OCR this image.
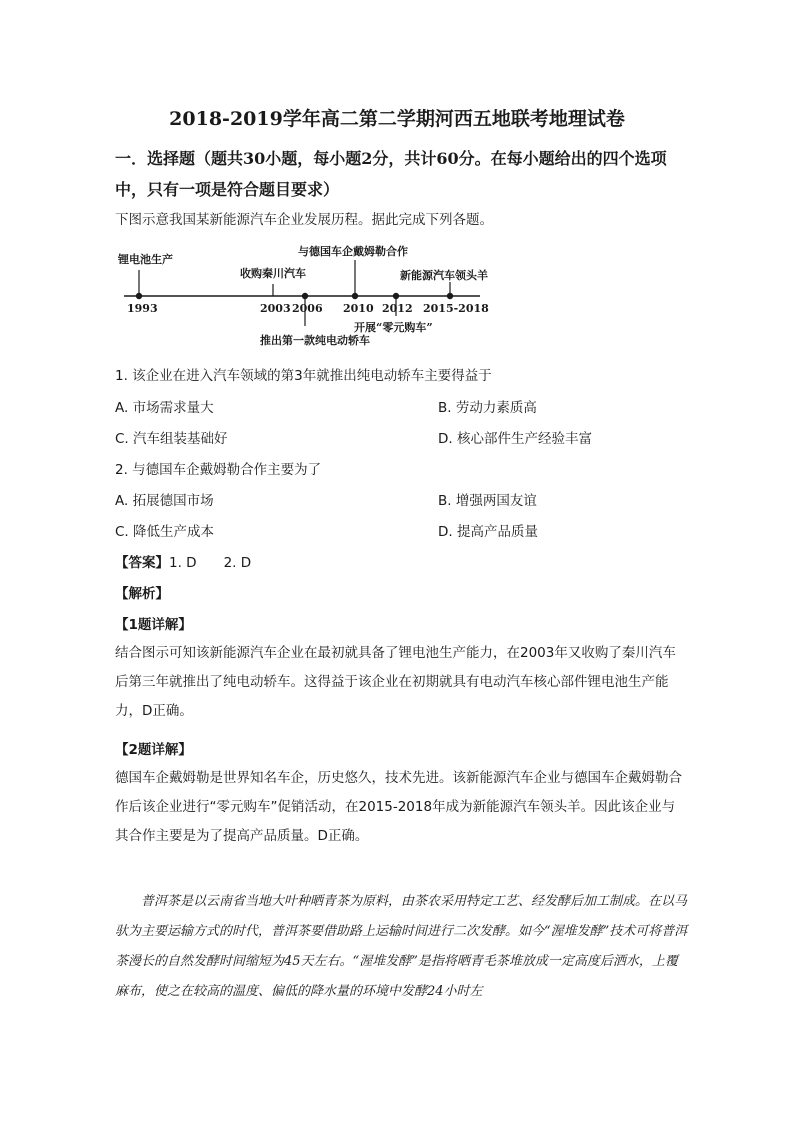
2018-2019学年高二第二学期河西五地联考地理试卷
一．选择题（题共30小题，每小题2分，共计60分。在每小题给出的四个选项
中，只有一项是符合题目要求）
下图示意我国某新能源汽车企业发展历程。据此完成下列各题。
锂电池生产
收购秦川汽车
与德国车企戴姆勒合作
新能源汽车领头羊
开展“零元购车”
推出第一款纯电动轿车
1993	2003 2006 2010 2012 2015-2018
1. 该企业在进入汽车领域的第3年就推出纯电动轿车主要得益于
A. 市场需求量大	B. 劳动力素质高
C. 汽车组装基础好	D. 核心部件生产经验丰富
2. 与德国车企戴姆勒合作主要为了
A. 拓展德国市场	B. 增强两国友谊
C. 降低生产成本	D. 提高产品质量
【答案】1. D　　2. D
【解析】
【1题详解】
结合图示可知该新能源汽车企业在最初就具备了锂电池生产能力，在2003年又收购了秦川汽车后第三年就推出了纯电动轿车。这得益于该企业在初期就具有电动汽车核心部件锂电池生产能力，D正确。
【2题详解】
德国车企戴姆勒是世界知名车企，历史悠久，技术先进。该新能源汽车企业与德国车企戴姆勒合作后该企业进行“零元购车”促销活动，在2015-2018年成为新能源汽车领头羊。因此该企业与其合作主要是为了提高产品质量。D正确。
普洱茶是以云南省当地大叶种晒青茶为原料，由茶农采用特定工艺、经发酵后加工制成。在以马驮为主要运输方式的时代，普洱茶要借助路上运输时间进行二次发酵。如今“渥堆发酵”技术可将普洱茶漫长的自然发酵时间缩短为45天左右。“渥堆发酵”是指将晒青毛茶堆放成一定高度后洒水，上覆麻布，使之在较高的温度、偏低的降水量的环境中发酵24小时左
